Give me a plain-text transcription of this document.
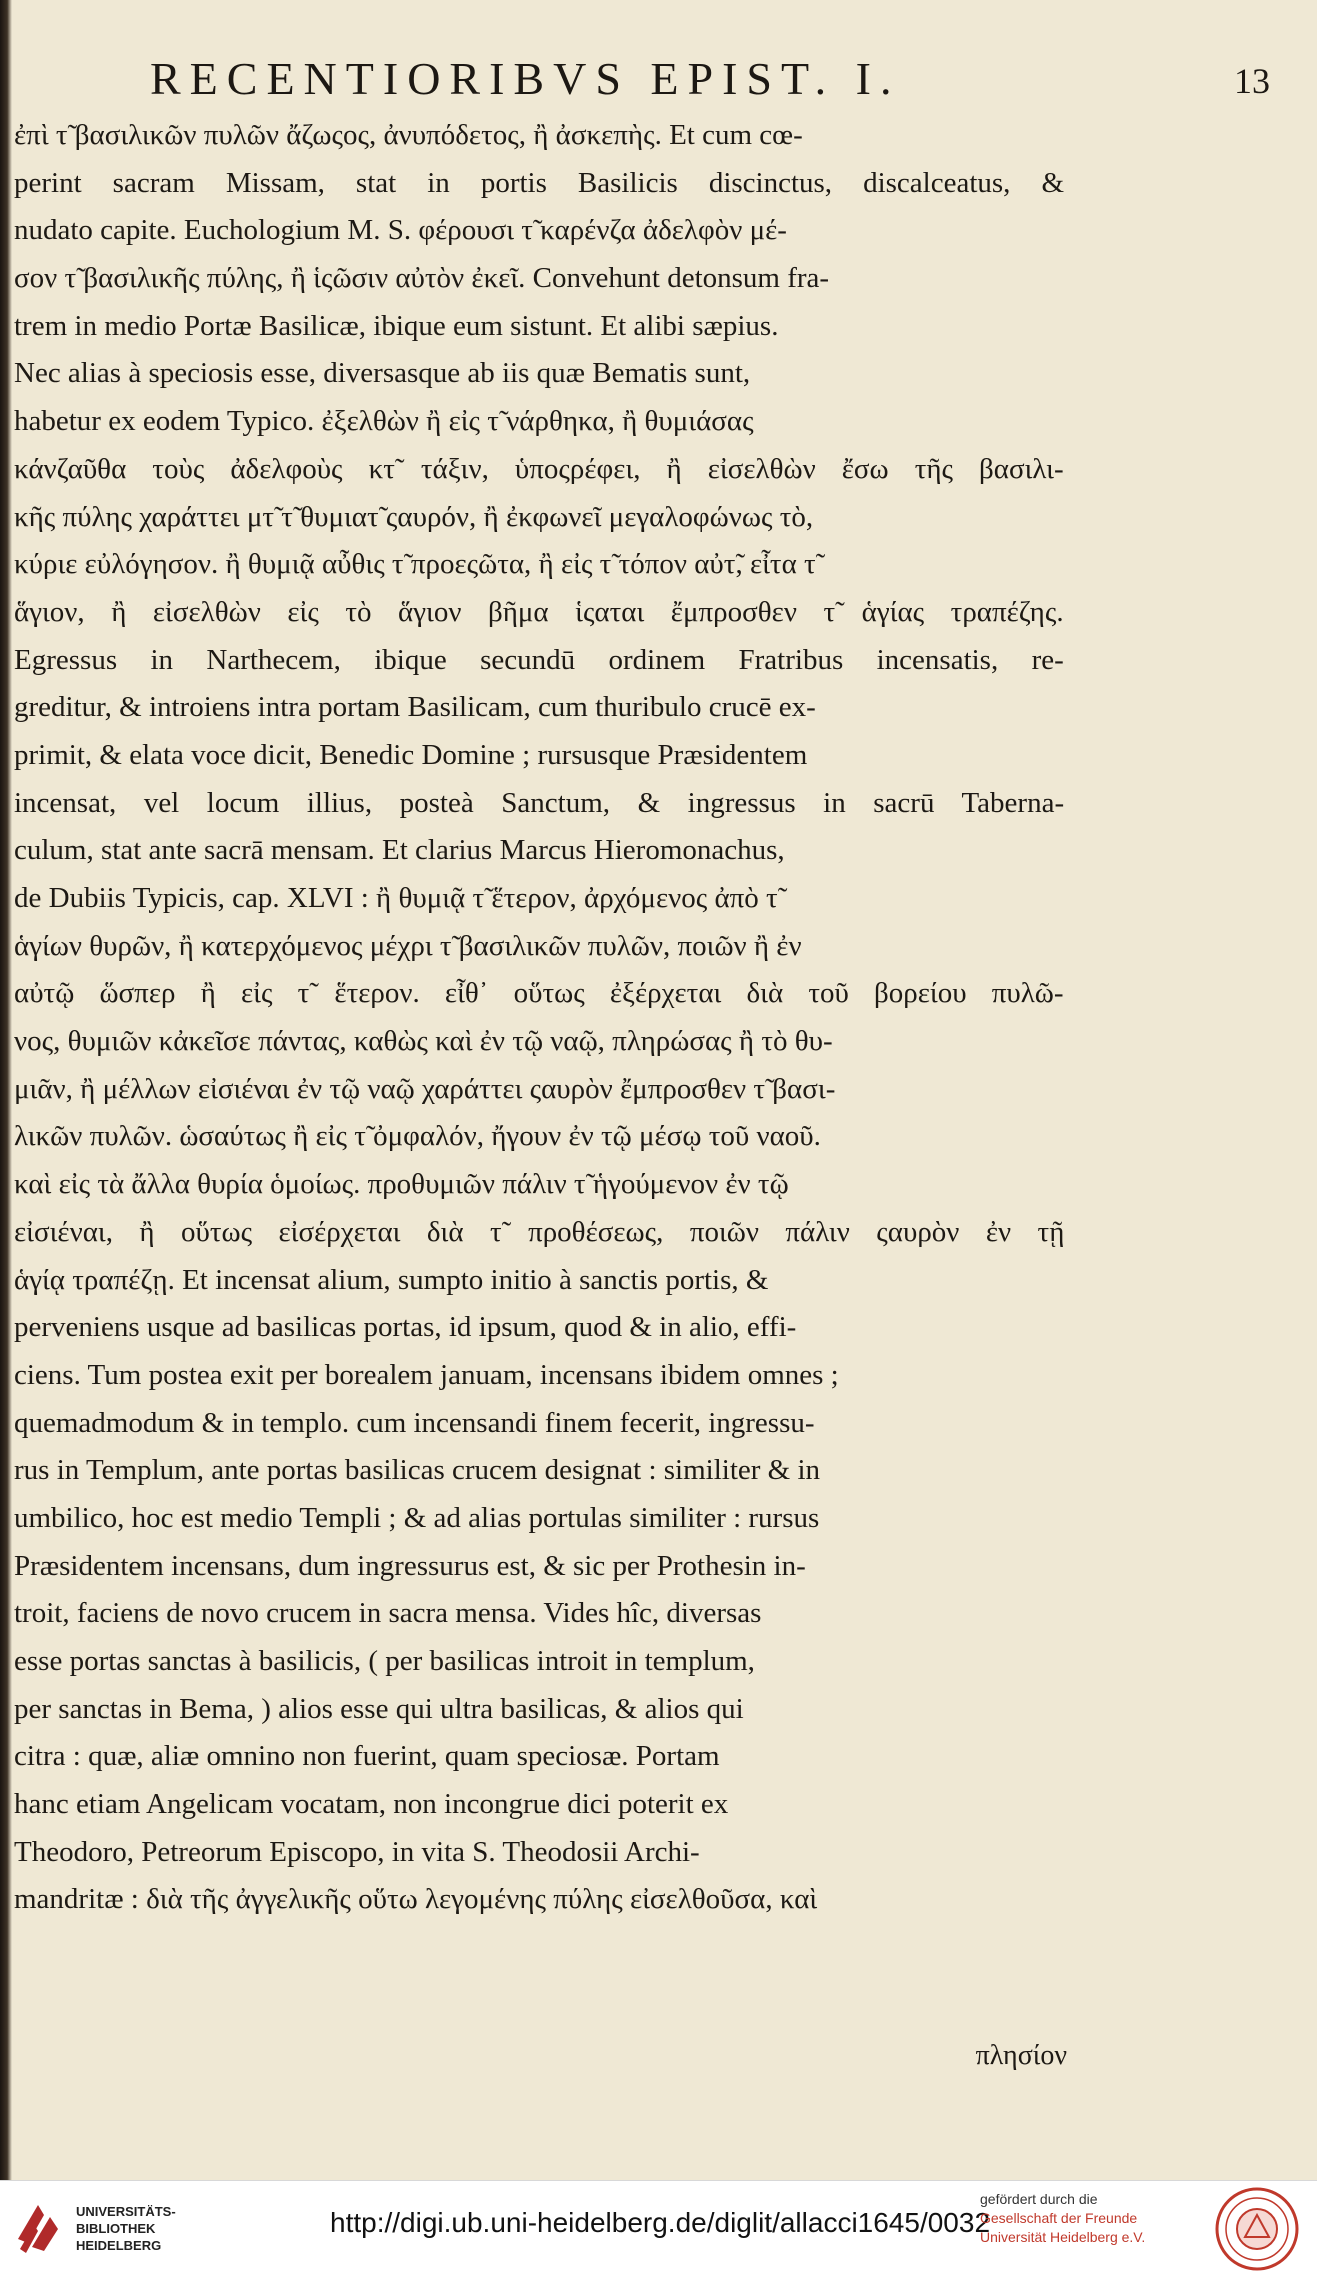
RECENTIORIBVS EPIST. I.	13
ἐπὶ τ̃ βασιλικῶν πυλῶν ἄζωςος, ἀνυπόδετος, ἢ ἀσκεπὴς. Et cum cœ-
perint sacram Missam, stat in portis Basilicis discinctus, discalceatus, &
nudato capite. Euchologium M. S. φέρουσι τ̃ καρένζα ἀδελφὸν μέ-
σον τ̃ βασιλικῆς πύλης, ἢ ἱςῶσιν αὐτὸν ἐκεῖ. Convehunt detonsum fra-
trem in medio Portæ Basilicæ, ibique eum sistunt. Et alibi sæpius.
Nec alias à speciosis esse, diversasque ab iis quæ Bematis sunt,
habetur ex eodem Typico. ἐξελθὼν ἢ εἰς τ̃ νάρθηκα, ἢ θυμιάσας
κάνζαῦθα τοὺς ἀδελφοὺς κτ̃ τάξιν, ὑποςρέφει, ἢ εἰσελθὼν ἔσω τῆς βασιλι-
κῆς πύλης χαράττει μτ̃ τ̃ θυμιατ̃ ςαυρόν, ἢ ἐκφωνεῖ μεγαλοφώνως τὸ,
κύριε εὐλόγησον. ἢ θυμιᾷ αὖθις τ̃ προεςῶτα, ἢ εἰς τ̃ τόπον αὐτ̃, εἶτα τ̃
ἅγιον, ἢ εἰσελθὼν εἰς τὸ ἅγιον βῆμα ἱςαται ἔμπροσθεν τ̃ ἁγίας τραπέζης.
Egressus in Narthecem, ibique secundū ordinem Fratribus incensatis, re-
greditur, & introiens intra portam Basilicam, cum thuribulo crucē ex-
primit, & elata voce dicit, Benedic Domine ; rursusque Præsidentem
incensat, vel locum illius, posteà Sanctum, & ingressus in sacrū Taberna-
culum, stat ante sacrā mensam. Et clarius Marcus Hieromonachus,
de Dubiis Typicis, cap. XLVI : ἢ θυμιᾷ τ̃ ἕτερον, ἀρχόμενος ἀπὸ τ̃
ἁγίων θυρῶν, ἢ κατερχόμενος μέχρι τ̃ βασιλικῶν πυλῶν, ποιῶν ἢ ἐν
αὐτῷ ὥσπερ ἢ εἰς τ̃ ἕτερον. εἶθ᾽ οὕτως ἐξέρχεται διὰ τοῦ βορείου πυλῶ-
νος, θυμιῶν κἀκεῖσε πάντας, καθὼς καὶ ἐν τῷ ναῷ, πληρώσας ἢ τὸ θυ-
μιᾶν, ἢ μέλλων εἰσιέναι ἐν τῷ ναῷ χαράττει ςαυρὸν ἔμπροσθεν τ̃ βασι-
λικῶν πυλῶν. ὡσαύτως ἢ εἰς τ̃ ὀμφαλόν, ἤγουν ἐν τῷ μέσῳ τοῦ ναοῦ.
καὶ εἰς τὰ ἄλλα θυρία ὁμοίως. προθυμιῶν πάλιν τ̃ ἡγούμενον ἐν τῷ
εἰσιέναι, ἢ οὕτως εἰσέρχεται διὰ τ̃ προθέσεως, ποιῶν πάλιν ςαυρὸν ἐν τῇ
ἁγίᾳ τραπέζῃ. Et incensat alium, sumpto initio à sanctis portis, &
perveniens usque ad basilicas portas, id ipsum, quod & in alio, effi-
ciens. Tum postea exit per borealem januam, incensans ibidem omnes ;
quemadmodum & in templo. cum incensandi finem fecerit, ingressu-
rus in Templum, ante portas basilicas crucem designat : similiter & in
umbilico, hoc est medio Templi ; & ad alias portulas similiter : rursus
Præsidentem incensans, dum ingressurus est, & sic per Prothesin in-
troit, faciens de novo crucem in sacra mensa. Vides hîc, diversas
esse portas sanctas à basilicis, ( per basilicas introit in templum,
per sanctas in Bema, ) alios esse qui ultra basilicas, & alios qui
citra : quæ, aliæ omnino non fuerint, quam speciosæ. Portam
hanc etiam Angelicam vocatam, non incongrue dici poterit ex
Theodoro, Petreorum Episcopo, in vita S. Theodosii Archi-
mandritæ : διὰ τῆς ἀγγελικῆς οὕτω λεγομένης πύλης εἰσελθοῦσα, καὶ
πλησίον
UNIVERSITÄTS-
BIBLIOTHEK
HEIDELBERG
http://digi.ub.uni-heidelberg.de/diglit/allacci1645/0032
gefördert durch die
Gesellschaft der Freunde
Universität Heidelberg e.V.
